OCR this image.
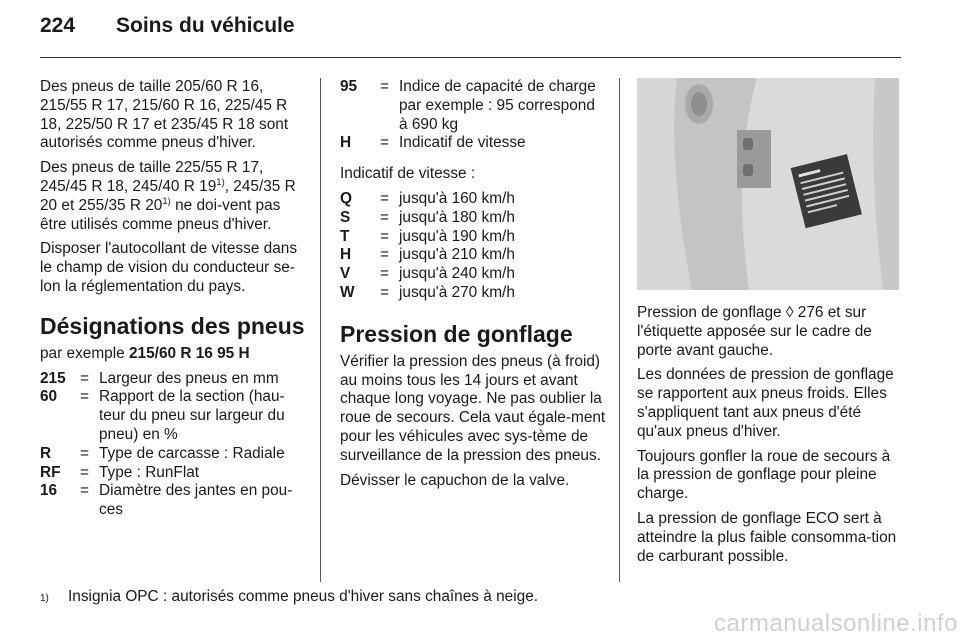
224	Soins du véhicule
Des pneus de taille 205/60 R 16, 215/55 R 17, 215/60 R 16, 225/45 R 18, 225/50 R 17 et 235/45 R 18 sont autorisés comme pneus d'hiver.
Des pneus de taille 225/55 R 17, 245/45 R 18, 245/40 R 19$^{1)}$, 245/35 R 20 et 255/35 R 20$^{1)}$ ne doi-vent pas être utilisés comme pneus d'hiver.
Disposer l'autocollant de vitesse dans le champ de vision du conducteur se-lon la réglementation du pays.
Désignations des pneus
par exemple 215/60 R 16 95 H
215 = Largeur des pneus en mm
60	= Rapport de la section (hau-teur du pneu sur largeur du pneu) en %
R	= Type de carcasse : Radiale
RF	= Type : RunFlat
16	= Diamètre des jantes en pou-ces
95	= Indice de capacité de charge par exemple : 95 correspond à 690 kg
H	= Indicatif de vitesse
Indicatif de vitesse :
Q	= jusqu'à 160 km/h
S	= jusqu'à 180 km/h
T	= jusqu'à 190 km/h
H	= jusqu'à 210 km/h
V	= jusqu'à 240 km/h
W	= jusqu'à 270 km/h
Pression de gonflage
Vérifier la pression des pneus (à froid) au moins tous les 14 jours et avant chaque long voyage. Ne pas oublier la roue de secours. Cela vaut égale-ment pour les véhicules avec sys-tème de surveillance de la pression des pneus.
Dévisser le capuchon de la valve.
Pression de gonflage ◊ 276 et sur l'étiquette apposée sur le cadre de porte avant gauche.
Les données de pression de gonflage se rapportent aux pneus froids. Elles s'appliquent tant aux pneus d'été qu'aux pneus d'hiver.
Toujours gonfler la roue de secours à la pression de gonflage pour pleine charge.
La pression de gonflage ECO sert à atteindre la plus faible consomma-tion de carburant possible.
1)	Insignia OPC : autorisés comme pneus d'hiver sans chaînes à neige.
carmanualsonline.info
